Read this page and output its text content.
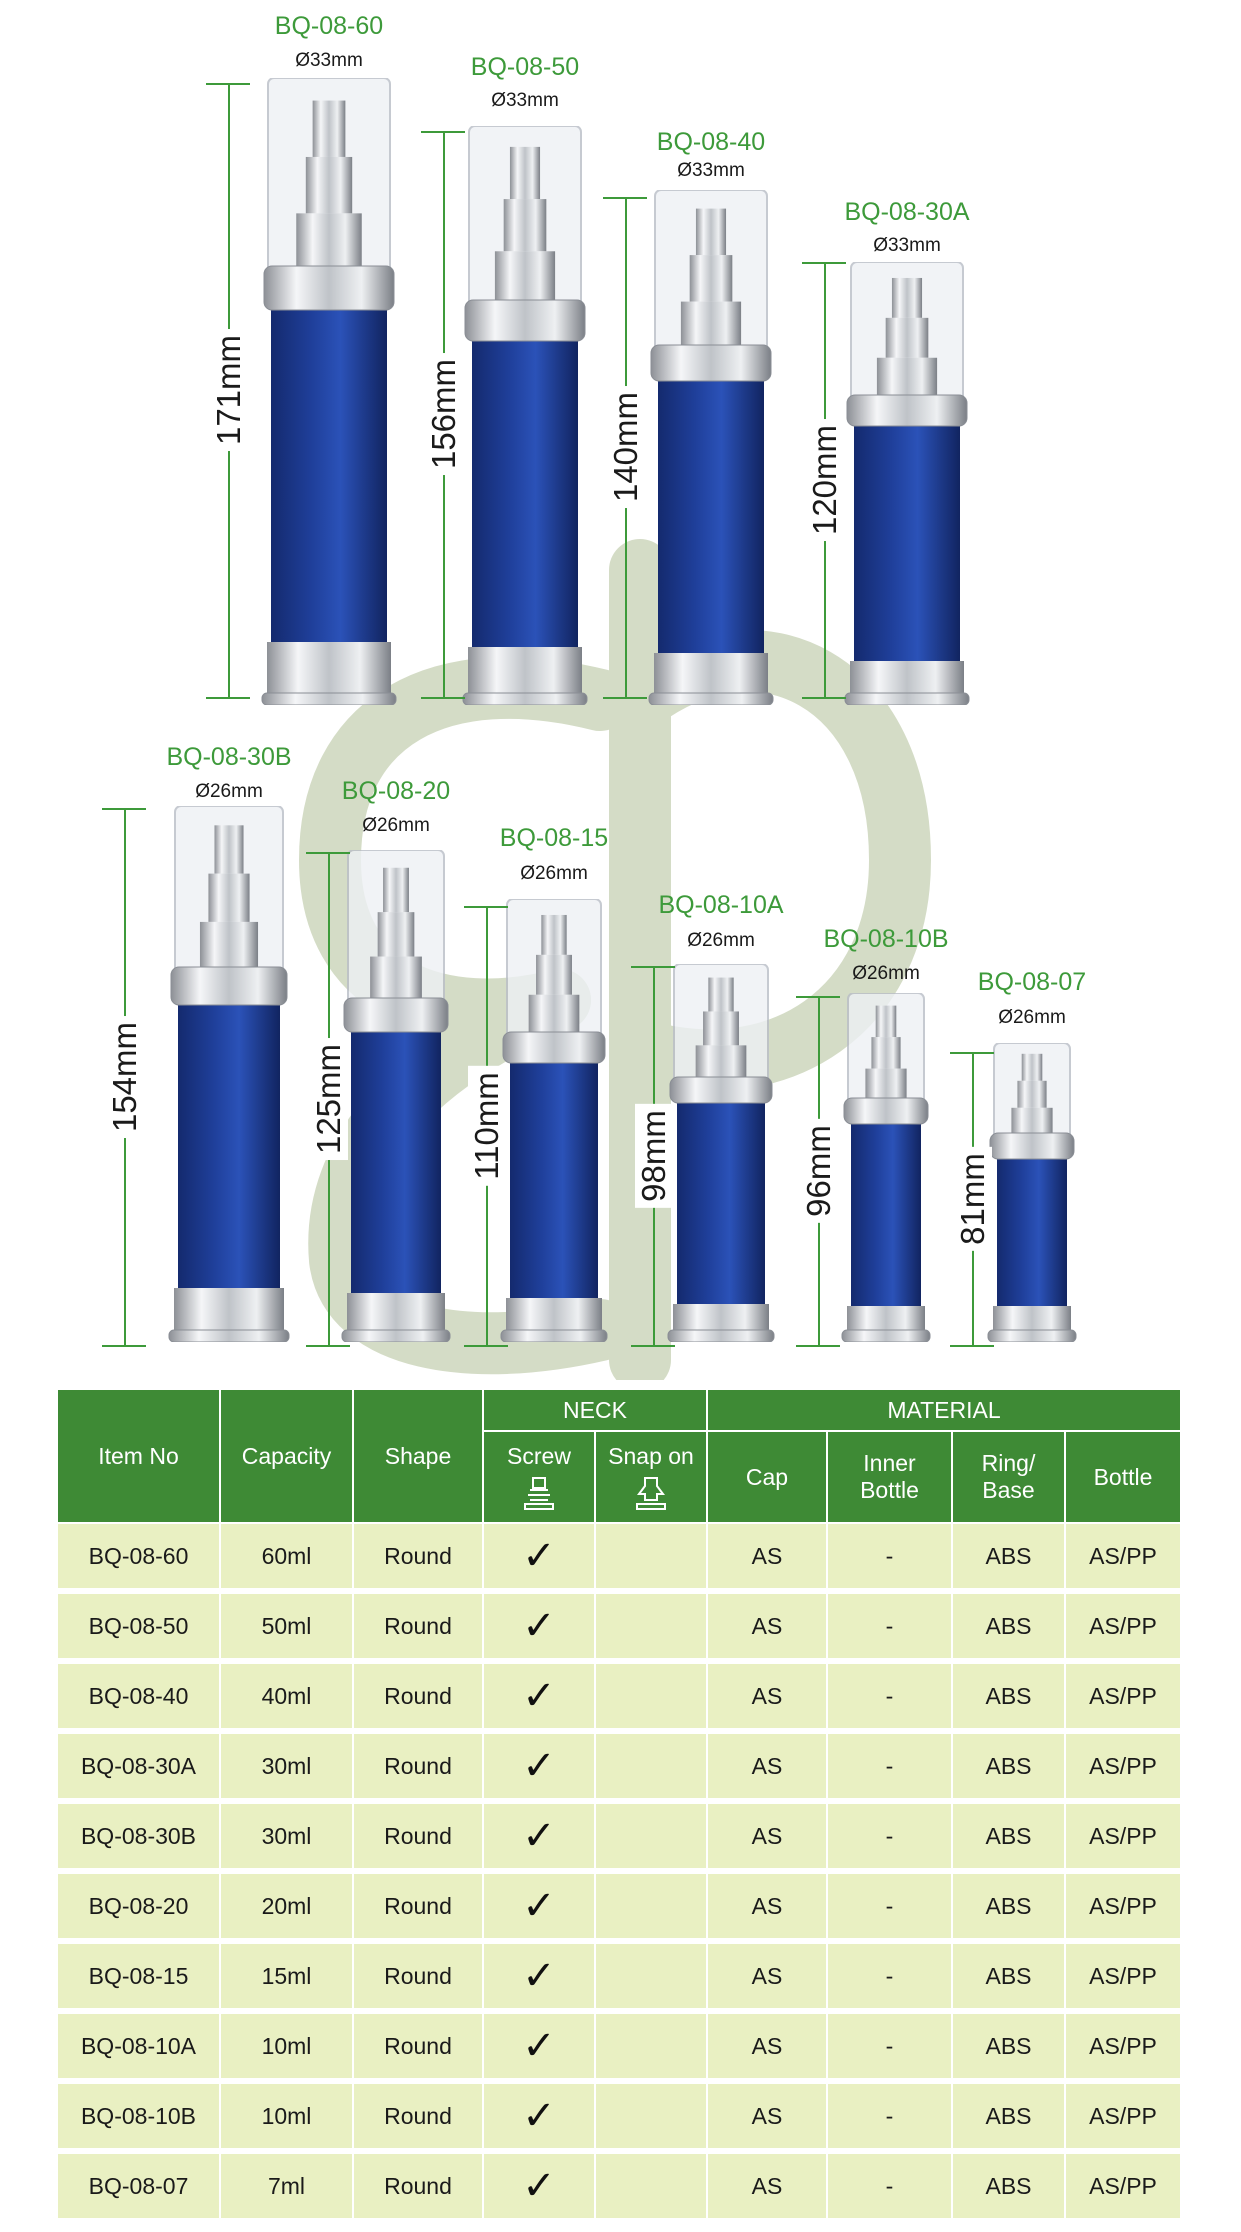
BQ-08-60
Ø33mm
171mm
BQ-08-50
Ø33mm
156mm
BQ-08-40
Ø33mm
140mm
BQ-08-30A
Ø33mm
120mm
BQ-08-30B
Ø26mm
154mm
BQ-08-20
Ø26mm
125mm
BQ-08-15
Ø26mm
110mm
BQ-08-10A
Ø26mm
98mm
BQ-08-10B
Ø26mm
96mm
BQ-08-07
Ø26mm
81mm
Item No	Capacity	Shape	NECK		MATERIAL			
			Screw	Snap on	Cap	Inner Bottle	Ring/ Base	Bottle
BQ-08-60	60ml	Round	✓		AS	-	ABS	AS/PP
BQ-08-50	50ml	Round	✓		AS	-	ABS	AS/PP
BQ-08-40	40ml	Round	✓		AS	-	ABS	AS/PP
BQ-08-30A	30ml	Round	✓		AS	-	ABS	AS/PP
BQ-08-30B	30ml	Round	✓		AS	-	ABS	AS/PP
BQ-08-20	20ml	Round	✓		AS	-	ABS	AS/PP
BQ-08-15	15ml	Round	✓		AS	-	ABS	AS/PP
BQ-08-10A	10ml	Round	✓		AS	-	ABS	AS/PP
BQ-08-10B	10ml	Round	✓		AS	-	ABS	AS/PP
BQ-08-07	7ml	Round	✓		AS	-	ABS	AS/PP
